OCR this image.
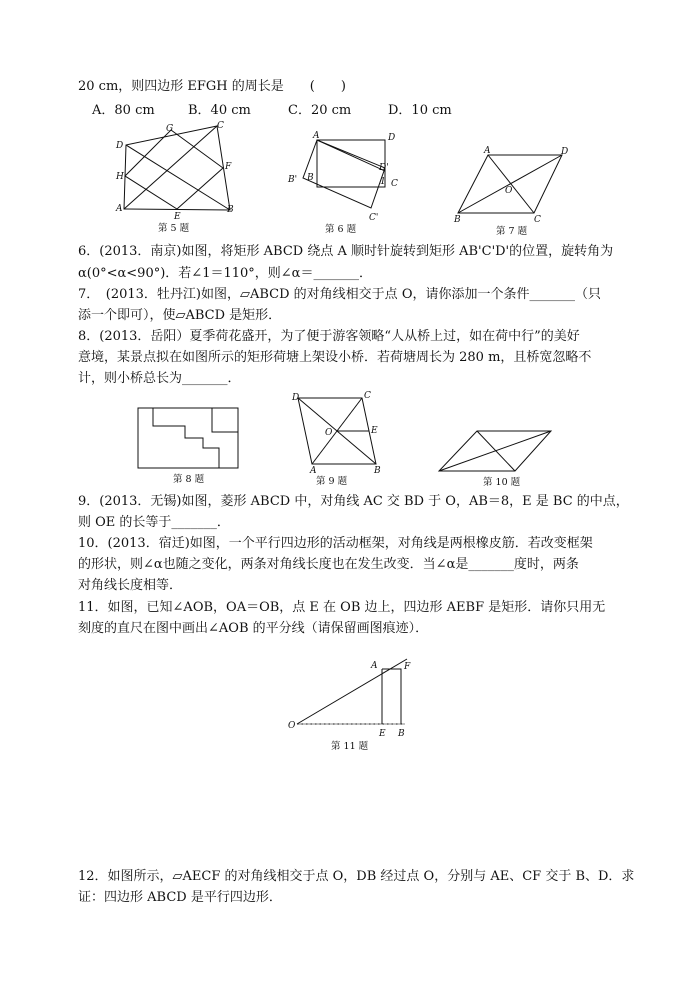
20 cm，则四边形 EFGH 的周长是　　(　　)
A．80 cm	B．40 cm	C．20 cm	D．10 cm
G	C
D
F
H
A
E
B
第 5 题
A	D
D'
B' B
C
1
C'
第 6 题
A	D
O
B	C
第 7 题
6．(2013．南京)如图，将矩形 ABCD 绕点 A 顺时针旋转到矩形 AB'C'D'的位置，旋转角为
α(0°<α<90°)．若∠1＝110°，则∠α＝_______．
7．　(2013．牡丹江)如图，▱ABCD 的对角线相交于点 O，请你添加一个条件_______（只
添一个即可），使▱ABCD 是矩形．
8．(2013．岳阳）夏季荷花盛开，为了便于游客领略“人从桥上过，如在荷中行”的美好
意境，某景点拟在如图所示的矩形荷塘上架设小桥．若荷塘周长为 280 m，且桥宽忽略不
计，则小桥总长为_______．
第 8 题
D	C
O	E
A	B
第 9 题	第 10 题
9．(2013．无锡)如图，菱形 ABCD 中，对角线 AC 交 BD 于 O，AB＝8，E 是 BC 的中点，
则 OE 的长等于_______．
10．(2013．宿迁)如图，一个平行四边形的活动框架，对角线是两根橡皮筋．若改变框架
的形状，则∠α也随之变化，两条对角线长度也在发生改变．当∠α是_______度时，两条
对角线长度相等．
11．如图，已知∠AOB，OA＝OB，点 E 在 OB 边上，四边形 AEBF 是矩形．请你只用无
刻度的直尺在图中画出∠AOB 的平分线（请保留画图痕迹）．
A	F
O
E B
第 11 题
12．如图所示，▱AECF 的对角线相交于点 O，DB 经过点 O，分别与 AE、CF 交于 B、D．求
证：四边形 ABCD 是平行四边形．
